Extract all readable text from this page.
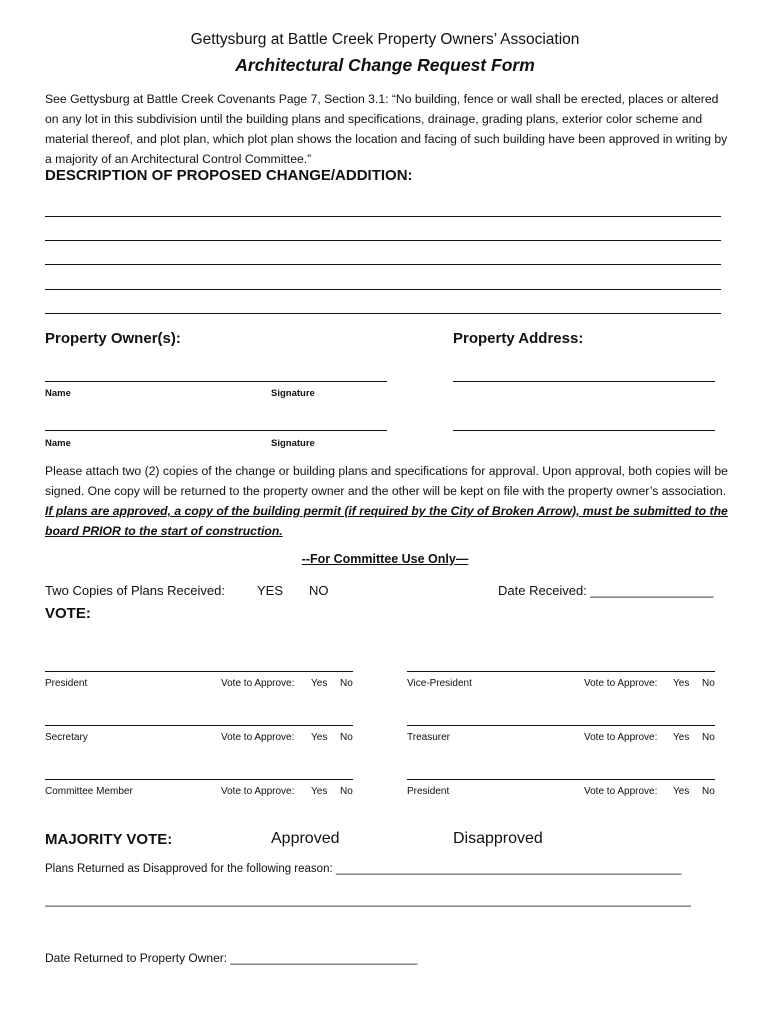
Gettysburg at Battle Creek Property Owners’ Association
Architectural Change Request Form
See Gettysburg at Battle Creek Covenants Page 7, Section 3.1: “No building, fence or wall shall be erected, places or altered on any lot in this subdivision until the building plans and specifications, drainage, grading plans, exterior color scheme and material thereof, and plot plan, which plot plan shows the location and facing of such building have been approved in writing by a majority of an Architectural Control Committee.”
DESCRIPTION OF PROPOSED CHANGE/ADDITION:
Property Owner(s):	Property Address:
Name	Signature
Name	Signature
Please attach two (2) copies of the change or building plans and specifications for approval. Upon approval, both copies will be signed. One copy will be returned to the property owner and the other will be kept on file with the property owner’s association. If plans are approved, a copy of the building permit (if required by the City of Broken Arrow), must be submitted to the board PRIOR to the start of construction.
--For Committee Use Only—
Two Copies of Plans Received: YES NO	Date Received: _________________
VOTE:
President	Vote to Approve: Yes No	Vice-President	Vote to Approve: Yes No
Secretary	Vote to Approve: Yes No	Treasurer	Vote to Approve: Yes No
Committee Member	Vote to Approve: Yes No	President	Vote to Approve: Yes No
MAJORITY VOTE:	Approved	Disapproved
Plans Returned as Disapproved for the following reason: ______________________________________________________
_____________________________________________________________________________________________________
Date Returned to Property Owner: ____________________________
